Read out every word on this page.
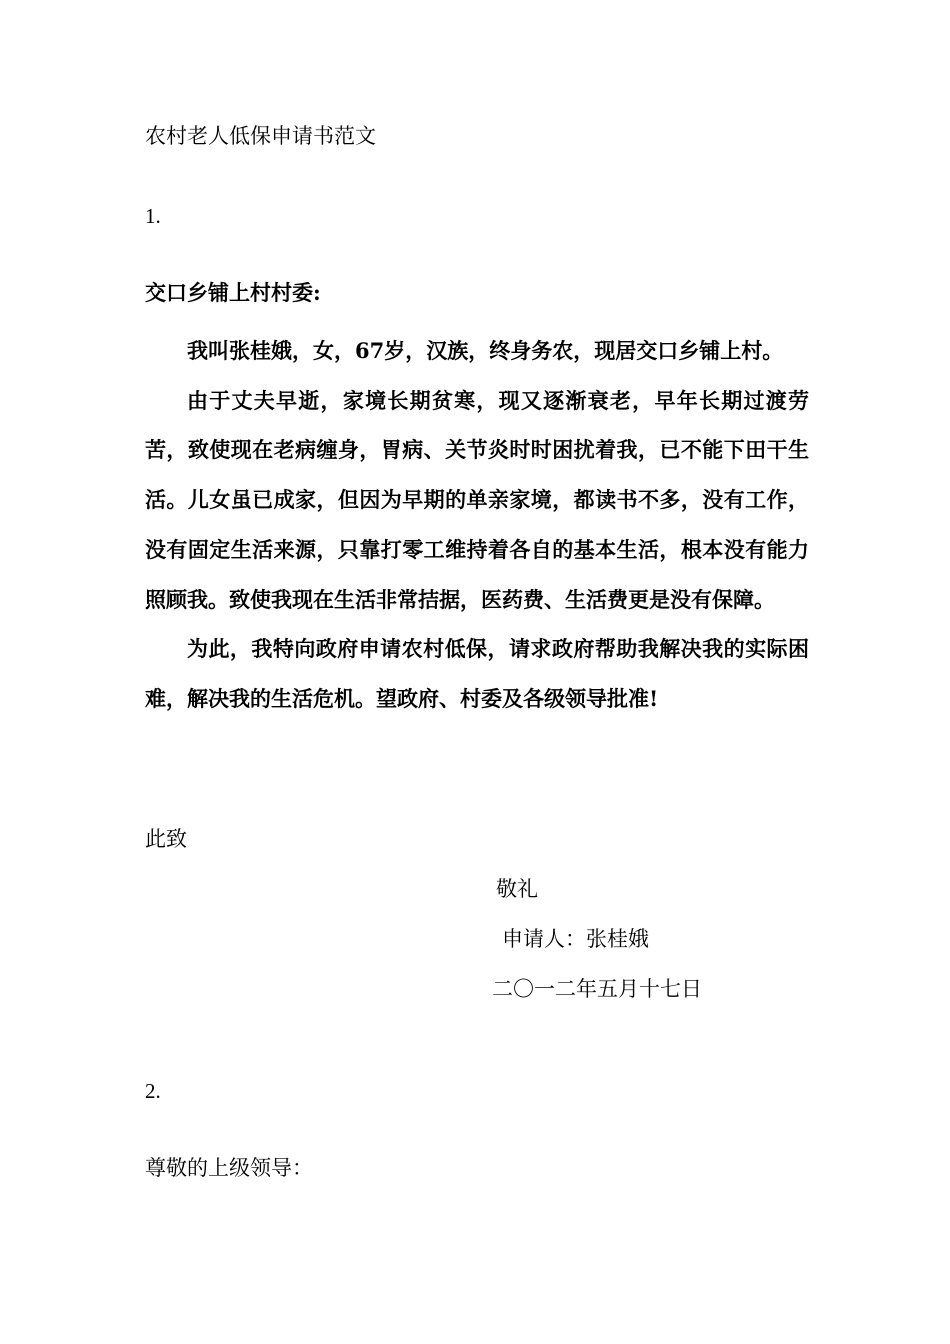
农村老人低保申请书范文
1.
交口乡铺上村村委:

我叫张桂娥，女，67岁，汉族，终身务农，现居交口乡铺上村。

由于丈夫早逝，家境长期贫寒，现又逐渐衰老，早年长期过渡劳苦，致使现在老病缠身，胃病、关节炎时时困扰着我，已不能下田干生活。儿女虽已成家，但因为早期的单亲家境，都读书不多，没有工作，没有固定生活来源，只靠打零工维持着各自的基本生活，根本没有能力照顾我。致使我现在生活非常拮据，医药费、生活费更是没有保障。

为此，我特向政府申请农村低保，请求政府帮助我解决我的实际困难，解决我的生活危机。望政府、村委及各级领导批准!

此致
敬礼
申请人：张桂娥
二〇一二年五月十七日
2.
尊敬的上级领导：
